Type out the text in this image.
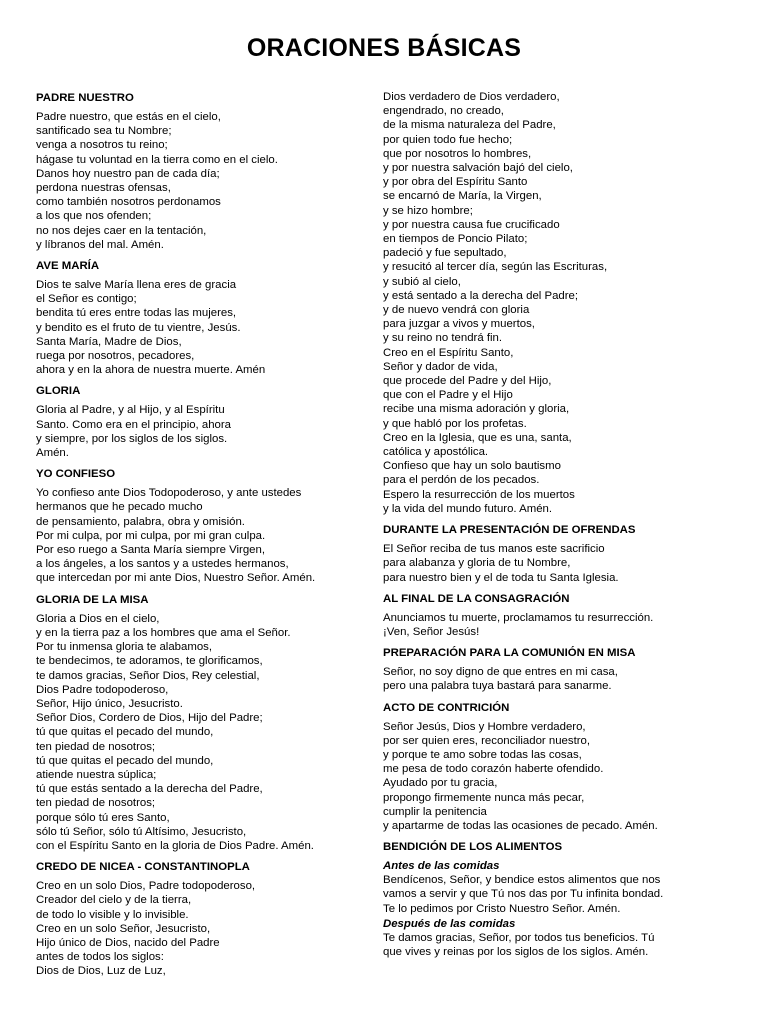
ORACIONES BÁSICAS
PADRE NUESTRO
Padre nuestro, que estás en el cielo,
santificado sea tu Nombre;
venga a nosotros tu reino;
hágase tu voluntad en la tierra como en el cielo.
Danos hoy nuestro pan de cada día;
perdona nuestras ofensas,
como también nosotros perdonamos
a los que nos ofenden;
no nos dejes caer en la tentación,
y líbranos del mal. Amén.
AVE MARÍA
Dios te salve María llena eres de gracia
el Señor es contigo;
bendita tú eres entre todas las mujeres,
y bendito es el fruto de tu vientre, Jesús.
Santa María, Madre de Dios,
ruega por nosotros, pecadores,
ahora y en la ahora de nuestra muerte. Amén
GLORIA
Gloria al Padre, y al Hijo, y al Espíritu
Santo. Como era en el principio, ahora
y siempre, por los siglos de los siglos.
Amén.
YO CONFIESO
Yo confieso ante Dios Todopoderoso, y ante ustedes
hermanos que he pecado mucho
de pensamiento, palabra, obra y omisión.
Por mi culpa, por mi culpa, por mi gran culpa.
Por eso ruego a Santa María siempre Virgen,
a los ángeles, a los santos y a ustedes hermanos,
que intercedan por mi ante Dios, Nuestro Señor. Amén.
GLORIA DE LA MISA
Gloria a Dios en el cielo,
y en la tierra paz a los hombres que ama el Señor.
Por tu inmensa gloria te alabamos,
te bendecimos, te adoramos, te glorificamos,
te damos gracias, Señor Dios, Rey celestial,
Dios Padre todopoderoso,
Señor, Hijo único, Jesucristo.
Señor Dios, Cordero de Dios, Hijo del Padre;
tú que quitas el pecado del mundo,
ten piedad de nosotros;
tú que quitas el pecado del mundo,
atiende nuestra súplica;
tú que estás sentado a la derecha del Padre,
ten piedad de nosotros;
porque sólo tú eres Santo,
sólo tú Señor, sólo tú Altísimo, Jesucristo,
con el Espíritu Santo en la gloria de Dios Padre. Amén.
CREDO DE NICEA - CONSTANTINOPLA
Creo en un solo Dios, Padre todopoderoso,
Creador del cielo y de la tierra,
de todo lo visible y lo invisible.
Creo en un solo Señor, Jesucristo,
Hijo único de Dios, nacido del Padre
antes de todos los siglos:
Dios de Dios, Luz de Luz,
Dios verdadero de Dios verdadero,
engendrado, no creado,
de la misma naturaleza del Padre,
por quien todo fue hecho;
que por nosotros lo hombres,
y por nuestra salvación bajó del cielo,
y por obra del Espíritu Santo
se encarnó de María, la Virgen,
y se hizo hombre;
y por nuestra causa fue crucificado
en tiempos de Poncio Pilato;
padeció y fue sepultado,
y resucitó al tercer día, según las Escrituras,
y subió al cielo,
y está sentado a la derecha del Padre;
y de nuevo vendrá con gloria
para juzgar a vivos y muertos,
y su reino no tendrá fin.
Creo en el Espíritu Santo,
Señor y dador de vida,
que procede del Padre y del Hijo,
que con el Padre y el Hijo
recibe una misma adoración y gloria,
y que habló por los profetas.
Creo en la Iglesia, que es una, santa,
católica y apostólica.
Confieso que hay un solo bautismo
para el perdón de los pecados.
Espero la resurrección de los muertos
y la vida del mundo futuro. Amén.
DURANTE LA PRESENTACIÓN DE OFRENDAS
El Señor reciba de tus manos este sacrificio
para alabanza y gloria de tu Nombre,
para nuestro bien y el de toda tu Santa Iglesia.
AL FINAL DE LA CONSAGRACIÓN
Anunciamos tu muerte, proclamamos tu resurrección.
¡Ven, Señor Jesús!
PREPARACIÓN PARA LA COMUNIÓN EN MISA
Señor, no soy digno de que entres en mi casa,
pero una palabra tuya bastará para sanarme.
ACTO DE CONTRICIÓN
Señor Jesús, Dios y Hombre verdadero,
por ser quien eres, reconciliador nuestro,
y porque te amo sobre todas las cosas,
me pesa de todo corazón haberte ofendido.
Ayudado por tu gracia,
propongo firmemente nunca más pecar,
cumplir la penitencia
y apartarme de todas las ocasiones de pecado. Amén.
BENDICIÓN DE LOS ALIMENTOS
Antes de las comidas
Bendícenos, Señor, y bendice estos alimentos que nos
vamos a servir y que Tú nos das por Tu infinita bondad.
Te lo pedimos por Cristo Nuestro Señor. Amén.
Después de las comidas
Te damos gracias, Señor, por todos tus beneficios. Tú
que vives y reinas por los siglos de los siglos. Amén.
